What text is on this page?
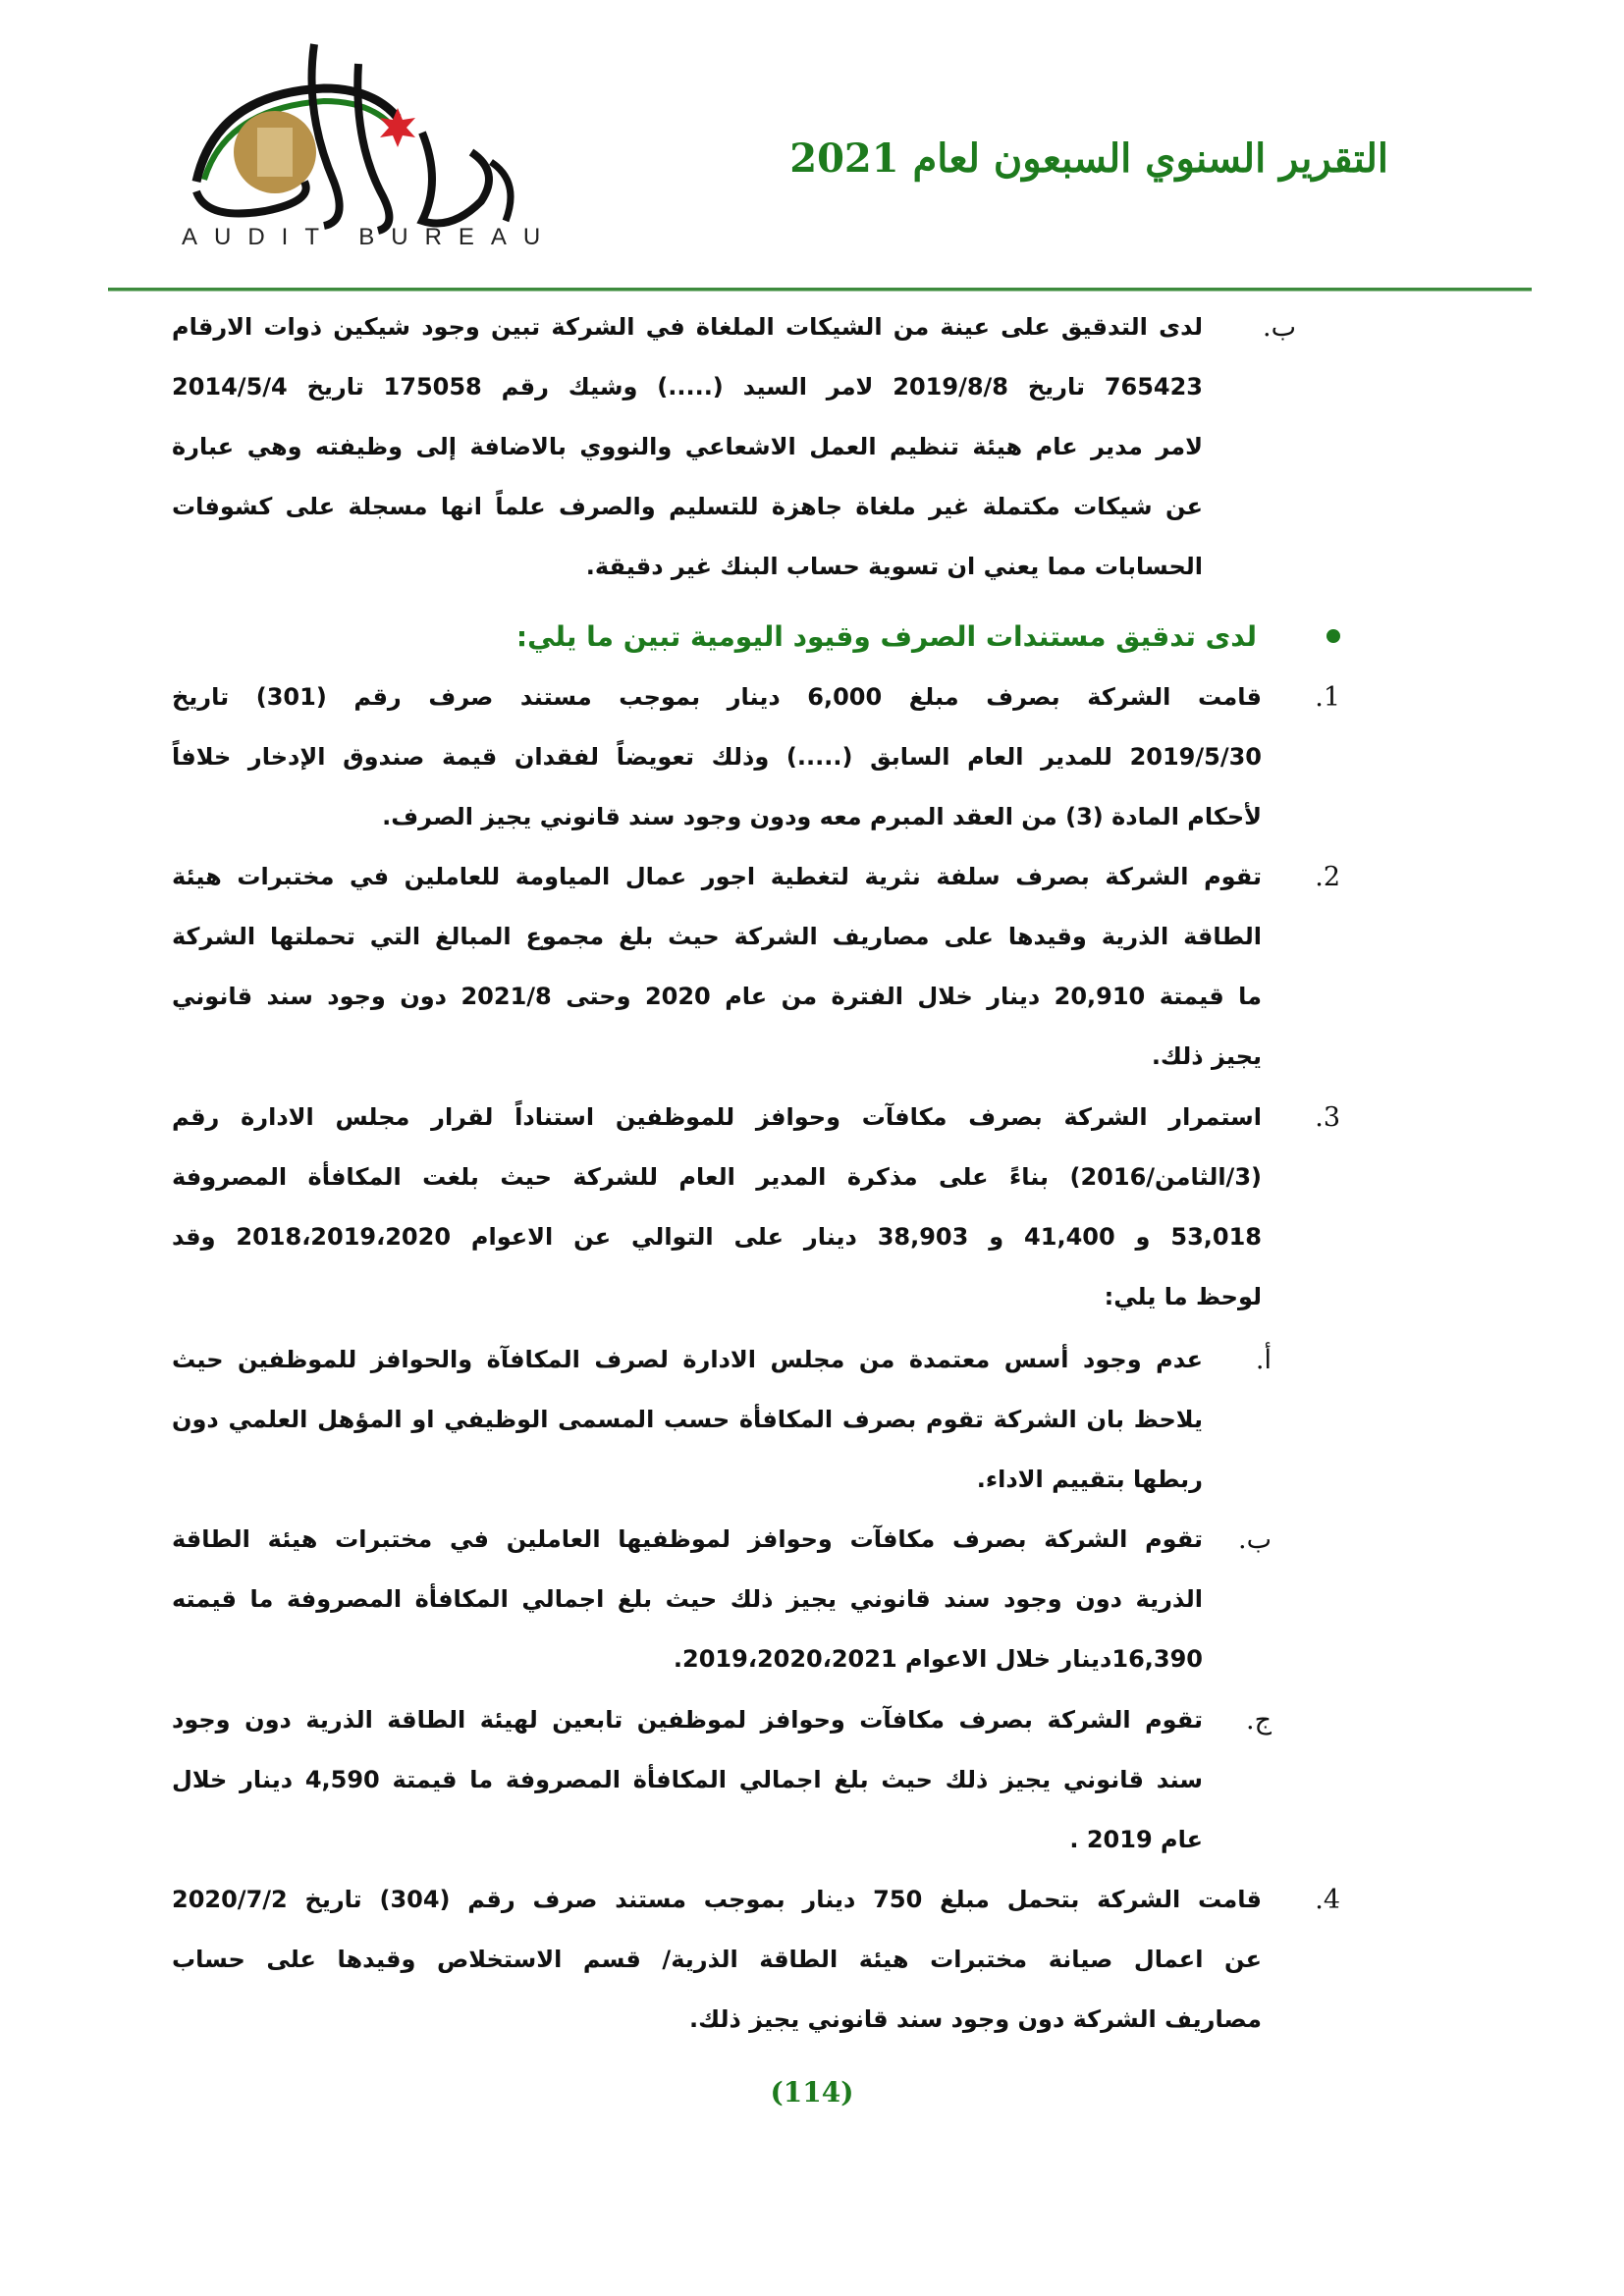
AUDIT BUREAU
التقرير السنوي السبعون لعام 2021
ب.
لدى التدقيق على عينة من الشيكات الملغاة في الشركة تبين وجود شيكين ذوات الارقام
765423 تاريخ 2019/8/8 لامر السيد (.....) وشيك رقم 175058 تاريخ 2014/5/4
لامر مدير عام هيئة تنظيم العمل الاشعاعي والنووي بالاضافة إلى وظيفته وهي عبارة
عن شيكات مكتملة غير ملغاة جاهزة للتسليم والصرف علماً انها مسجلة على كشوفات
الحسابات مما يعني ان تسوية حساب البنك غير دقيقة.
لدى تدقيق مستندات الصرف وقيود اليومية تبين ما يلي:
1.
قامت الشركة بصرف مبلغ 6,000 دينار بموجب مستند صرف رقم (301) تاريخ
2019/5/30 للمدير العام السابق (.....) وذلك تعويضاً لفقدان قيمة صندوق الإدخار خلافاً
لأحكام المادة (3) من العقد المبرم معه ودون وجود سند قانوني يجيز الصرف.
2.
تقوم الشركة بصرف سلفة نثرية لتغطية اجور عمال المياومة للعاملين في مختبرات هيئة
الطاقة الذرية وقيدها على مصاريف الشركة حيث بلغ مجموع المبالغ التي تحملتها الشركة
ما قيمتة 20,910 دينار خلال الفترة من عام 2020 وحتى 2021/8 دون وجود سند قانوني
يجيز ذلك.
3.
استمرار الشركة بصرف مكافآت وحوافز للموظفين استناداً لقرار مجلس الادارة رقم
(3/الثامن/2016) بناءً على مذكرة المدير العام للشركة حيث بلغت المكافأة المصروفة
53,018 و 41,400 و 38,903 دينار على التوالي عن الاعوام 2018،2019،2020 وقد
لوحظ ما يلي:
أ.
عدم وجود أسس معتمدة من مجلس الادارة لصرف المكافآة والحوافز للموظفين حيث
يلاحظ بان الشركة تقوم بصرف المكافأة حسب المسمى الوظيفي او المؤهل العلمي دون
ربطها بتقييم الاداء.
ب.
تقوم الشركة بصرف مكافآت وحوافز لموظفيها العاملين في مختبرات هيئة الطاقة
الذرية دون وجود سند قانوني يجيز ذلك حيث بلغ اجمالي المكافأة المصروفة ما قيمته
16,390دينار خلال الاعوام 2019،2020،2021.
ج.
تقوم الشركة بصرف مكافآت وحوافز لموظفين تابعين لهيئة الطاقة الذرية دون وجود
سند قانوني يجيز ذلك حيث بلغ اجمالي المكافأة المصروفة ما قيمتة 4,590 دينار خلال
عام 2019 .
4.
قامت الشركة بتحمل مبلغ 750 دينار بموجب مستند صرف رقم (304) تاريخ 2020/7/2
عن اعمال صيانة مختبرات هيئة الطاقة الذرية/ قسم الاستخلاص وقيدها على حساب
مصاريف الشركة دون وجود سند قانوني يجيز ذلك.
(114)
